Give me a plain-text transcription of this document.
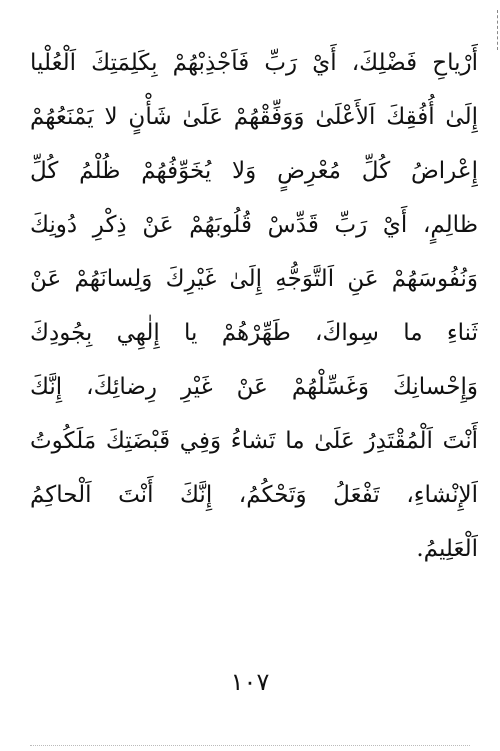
أَرْياحِ فَضْلِكَ، أَيْ رَبِّ فَاَجْذِبْهُمْ بِكَلِمَتِكَ اَلْعُلْيا
إِلَىٰ أُفُقِكَ اَلأَعْلَىٰ وَوَفِّقْهُمْ عَلَىٰ شَأْنٍ لا يَمْنَعُهُمْ
إِعْراضُ كُلِّ مُعْرِضٍ وَلا يُخَوِّفُهُمْ ظُلْمُ كُلِّ
ظالِمٍ، أَيْ رَبِّ قَدِّسْ قُلُوبَهُمْ عَنْ ذِكْرِ دُونِكَ
وَنُفُوسَهُمْ عَنِ اَلتَّوَجُّهِ إِلَىٰ غَيْرِكَ وَلِسانَهُمْ عَنْ
ثَناءِ ما سِواكَ، طَهِّرْهُمْ يا إِلٰهِي بِجُودِكَ
وَإِحْسانِكَ وَغَسِّلْهُمْ عَنْ غَيْرِ رِضائِكَ، إِنَّكَ
أَنْتَ اَلْمُقْتَدِرُ عَلَىٰ ما تَشاءُ وَفِي قَبْضَتِكَ مَلَكُوتُ
اَلإِنْشاءِ، تَفْعَلُ وَتَحْكُمُ، إِنَّكَ أَنْتَ اَلْحاكِمُ
اَلْعَلِيمُ.
١٠٧
